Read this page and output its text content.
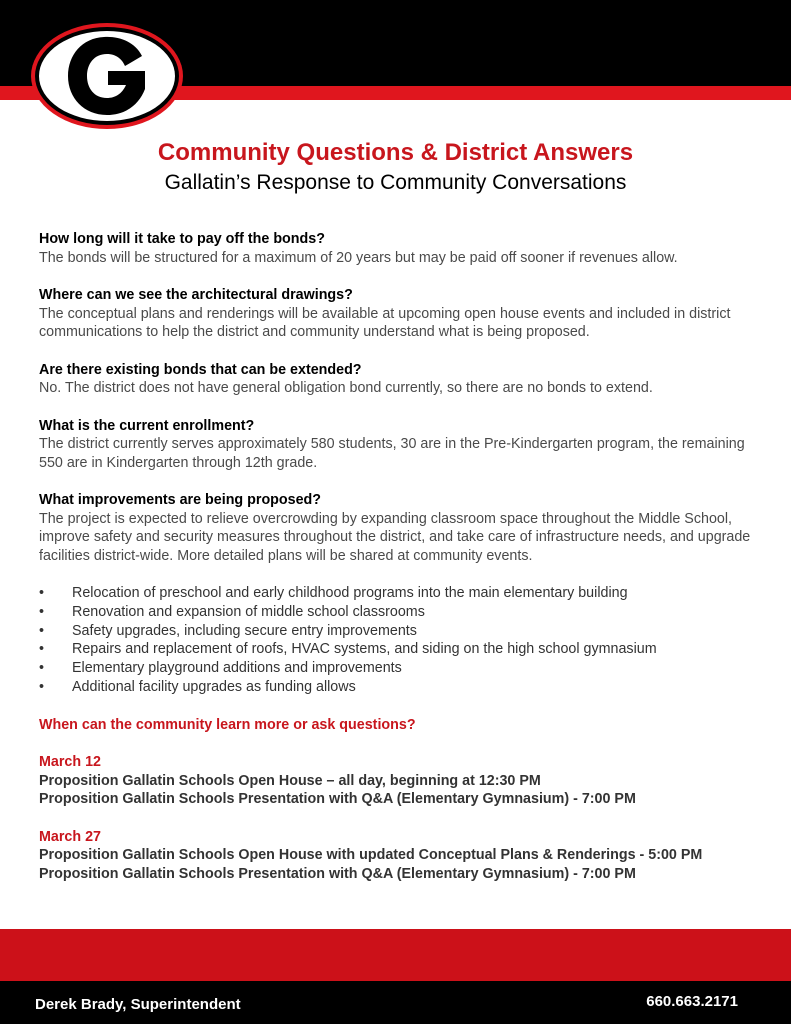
Community Questions & District Answers
Gallatin’s Response to Community Conversations
How long will it take to pay off the bonds?
The bonds will be structured for a maximum of 20 years but may be paid off sooner if revenues allow.
Where can we see the architectural drawings?
The conceptual plans and renderings will be available at upcoming open house events and included in district communications to help the district and community understand what is being proposed.
Are there existing bonds that can be extended?
No. The district does not have general obligation bond currently, so there are no bonds to extend.
What is the current enrollment?
The district currently serves approximately 580 students, 30 are in the Pre-Kindergarten program, the remaining 550 are in Kindergarten through 12th grade.
What improvements are being proposed?
The project is expected to relieve overcrowding by expanding classroom space throughout the Middle School, improve safety and security measures throughout the district, and take care of infrastructure needs, and upgrade facilities district-wide. More detailed plans will be shared at community events.
• Relocation of preschool and early childhood programs into the main elementary building
• Renovation and expansion of middle school classrooms
• Safety upgrades, including secure entry improvements
• Repairs and replacement of roofs, HVAC systems, and siding on the high school gymnasium
• Elementary playground additions and improvements
• Additional facility upgrades as funding allows
When can the community learn more or ask questions?
March 12
Proposition Gallatin Schools Open House – all day, beginning at 12:30 PM
Proposition Gallatin Schools Presentation with Q&A (Elementary Gymnasium) - 7:00 PM
March 27
Proposition Gallatin Schools Open House with updated Conceptual Plans & Renderings - 5:00 PM
Proposition Gallatin Schools Presentation with Q&A (Elementary Gymnasium) - 7:00 PM
Derek Brady, Superintendent	660.663.2171
